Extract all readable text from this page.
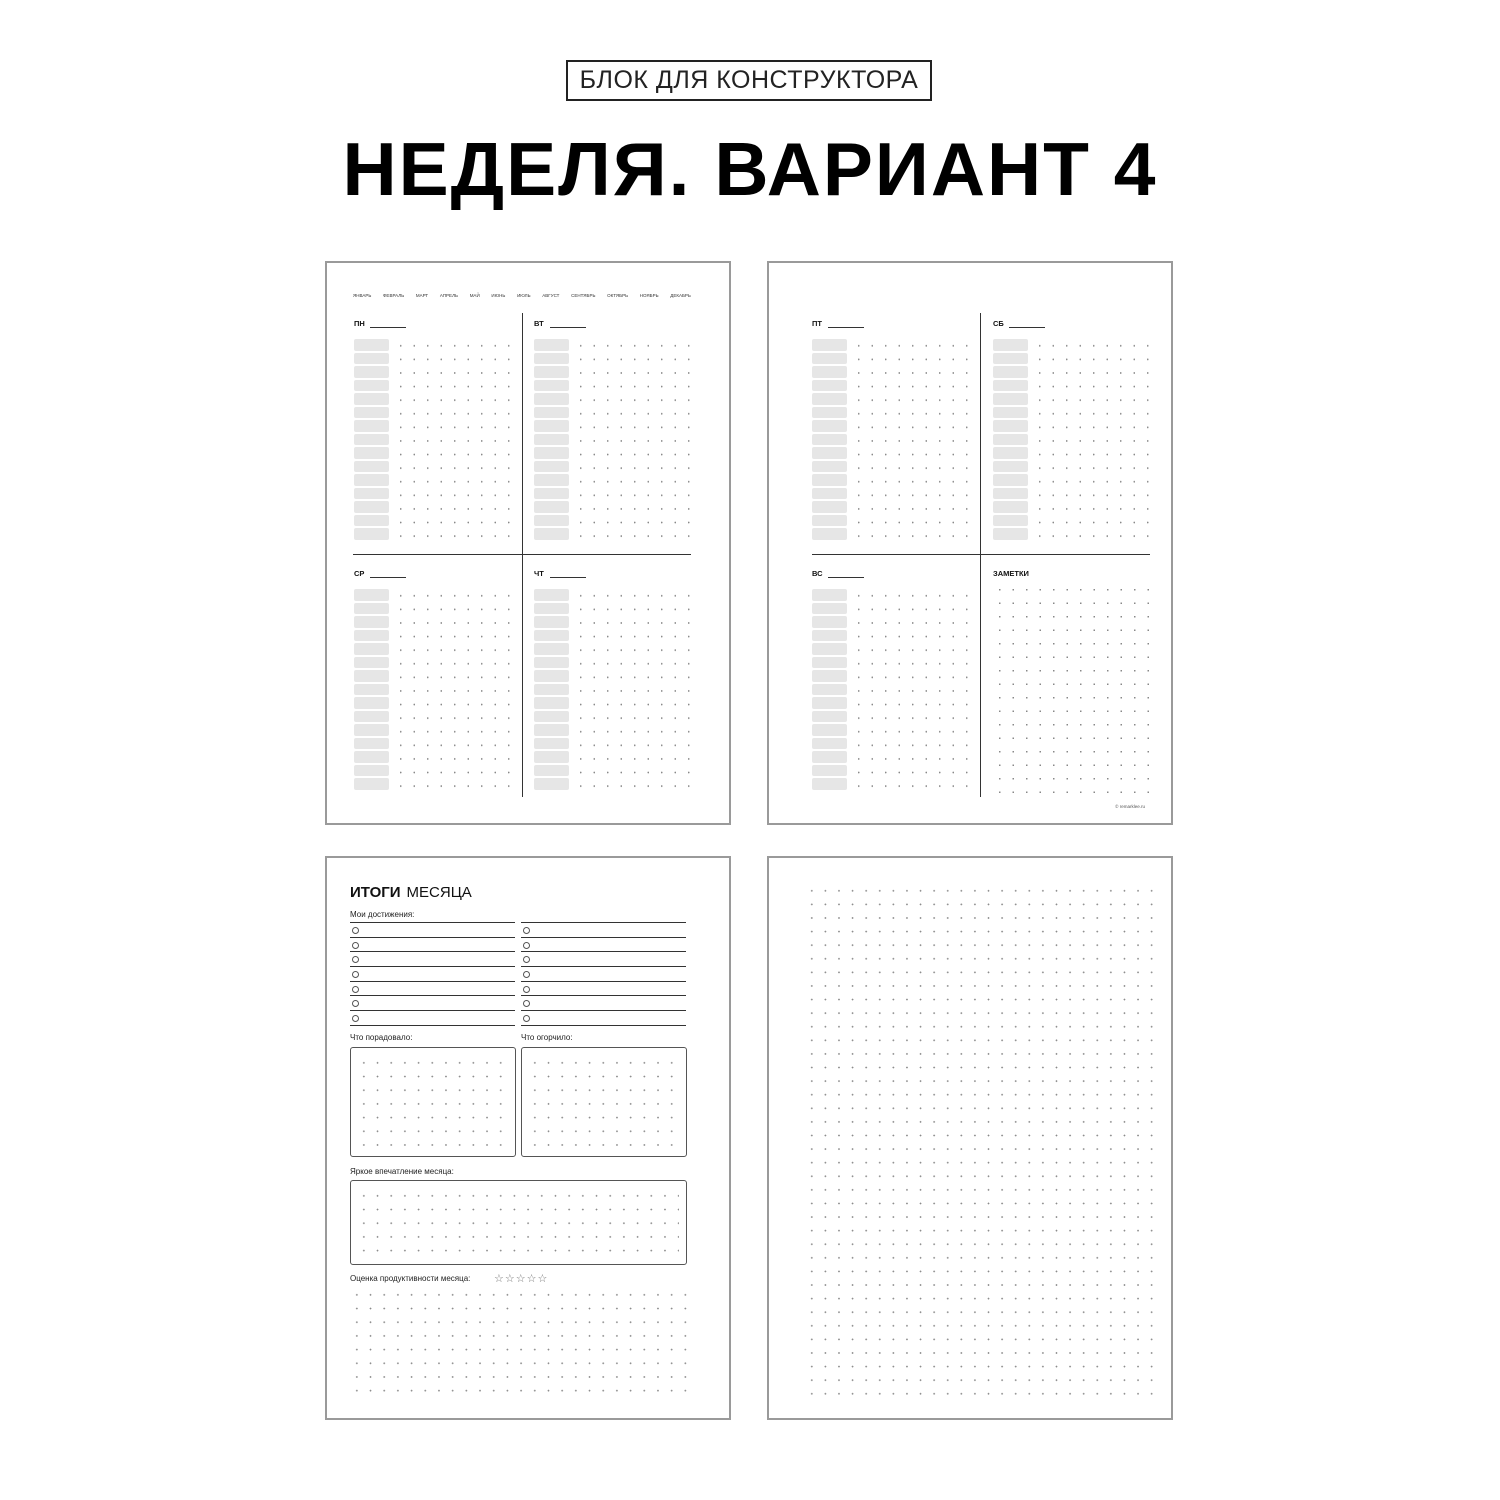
БЛОК ДЛЯ КОНСТРУКТОРА
НЕДЕЛЯ. ВАРИАНТ 4
ЯНВАРЬ	ФЕВРАЛЬ	МАРТ	АПРЕЛЬ	МАЙ	ИЮНЬ	ИЮЛЬ	АВГУСТ	СЕНТЯБРЬ	ОКТЯБРЬ	НОЯБРЬ	ДЕКАБРЬ
ПН	ВТ
СР	ЧТ
ПТ	СБ
ВС	ЗАМЕТКИ
© remarklee.ru
ИТОГИ МЕСЯЦА
Мои достижения:
Что порадовало:	Что огорчило:
Яркое впечатление месяца:
Оценка продуктивности месяца: ☆☆☆☆☆
